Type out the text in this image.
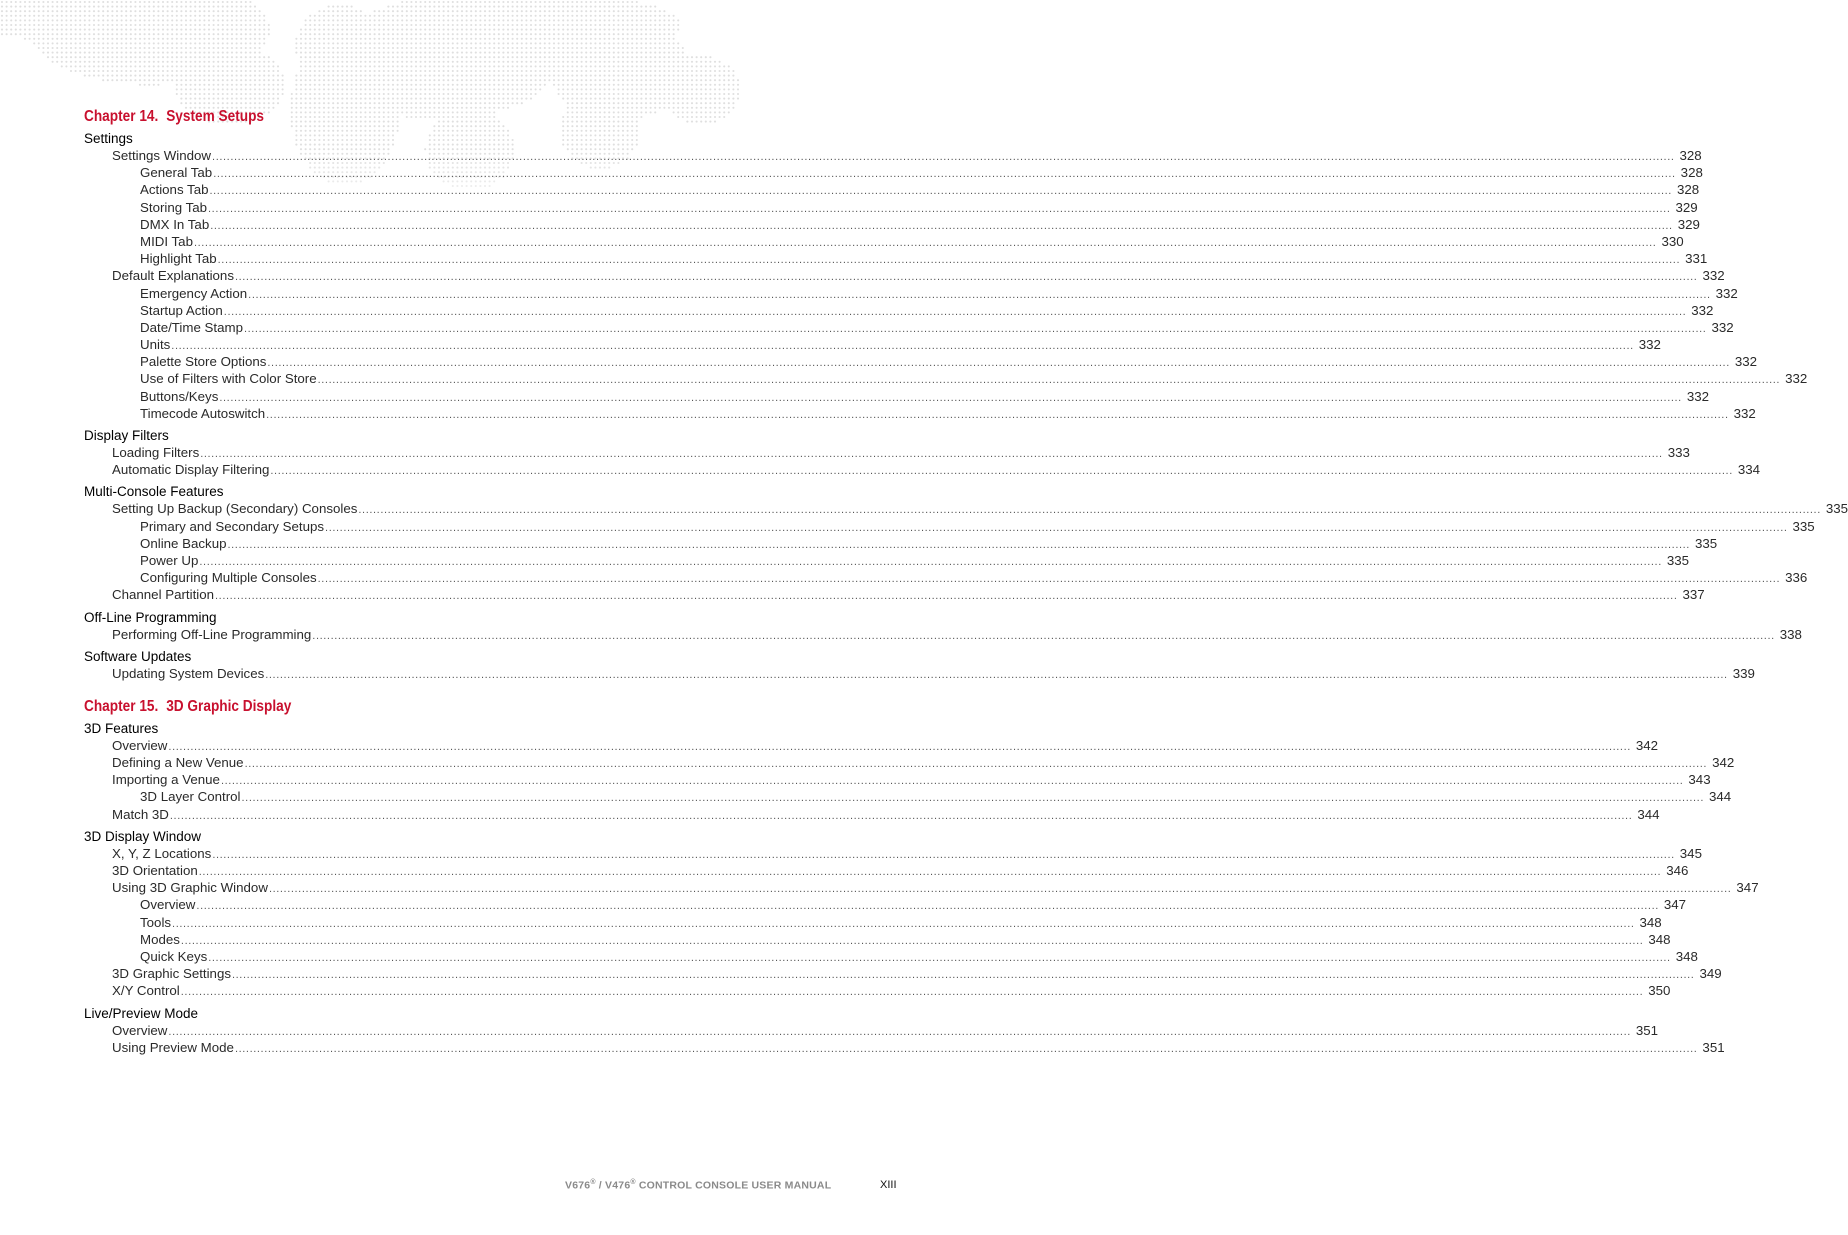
Chapter 14. System Setups
Settings
Settings Window ................................................................................................................................................................................................................................................................................................................................................................................................................ 328
General Tab ................................................................................................................................................................................................................................................................................................................................................................................................................ 328
Actions Tab ................................................................................................................................................................................................................................................................................................................................................................................................................ 328
Storing Tab ................................................................................................................................................................................................................................................................................................................................................................................................................ 329
DMX In Tab ................................................................................................................................................................................................................................................................................................................................................................................................................ 329
MIDI Tab ................................................................................................................................................................................................................................................................................................................................................................................................................ 330
Highlight Tab ................................................................................................................................................................................................................................................................................................................................................................................................................ 331
Default Explanations ................................................................................................................................................................................................................................................................................................................................................................................................................ 332
Emergency Action ................................................................................................................................................................................................................................................................................................................................................................................................................ 332
Startup Action ................................................................................................................................................................................................................................................................................................................................................................................................................ 332
Date/Time Stamp ................................................................................................................................................................................................................................................................................................................................................................................................................ 332
Units ................................................................................................................................................................................................................................................................................................................................................................................................................ 332
Palette Store Options ................................................................................................................................................................................................................................................................................................................................................................................................................ 332
Use of Filters with Color Store ................................................................................................................................................................................................................................................................................................................................................................................................................ 332
Buttons/Keys ................................................................................................................................................................................................................................................................................................................................................................................................................ 332
Timecode Autoswitch ................................................................................................................................................................................................................................................................................................................................................................................................................ 332
Display Filters
Loading Filters ................................................................................................................................................................................................................................................................................................................................................................................................................ 333
Automatic Display Filtering ................................................................................................................................................................................................................................................................................................................................................................................................................ 334
Multi-Console Features
Setting Up Backup (Secondary) Consoles ................................................................................................................................................................................................................................................................................................................................................................................................................ 335
Primary and Secondary Setups ................................................................................................................................................................................................................................................................................................................................................................................................................ 335
Online Backup ................................................................................................................................................................................................................................................................................................................................................................................................................ 335
Power Up ................................................................................................................................................................................................................................................................................................................................................................................................................ 335
Configuring Multiple Consoles ................................................................................................................................................................................................................................................................................................................................................................................................................ 336
Channel Partition ................................................................................................................................................................................................................................................................................................................................................................................................................ 337
Off-Line Programming
Performing Off-Line Programming ................................................................................................................................................................................................................................................................................................................................................................................................................ 338
Software Updates
Updating System Devices ................................................................................................................................................................................................................................................................................................................................................................................................................ 339
Chapter 15. 3D Graphic Display
3D Features
Overview ................................................................................................................................................................................................................................................................................................................................................................................................................ 342
Defining a New Venue ................................................................................................................................................................................................................................................................................................................................................................................................................ 342
Importing a Venue ................................................................................................................................................................................................................................................................................................................................................................................................................ 343
3D Layer Control ................................................................................................................................................................................................................................................................................................................................................................................................................ 344
Match 3D ................................................................................................................................................................................................................................................................................................................................................................................................................ 344
3D Display Window
X, Y, Z Locations ................................................................................................................................................................................................................................................................................................................................................................................................................ 345
3D Orientation ................................................................................................................................................................................................................................................................................................................................................................................................................ 346
Using 3D Graphic Window ................................................................................................................................................................................................................................................................................................................................................................................................................ 347
Overview ................................................................................................................................................................................................................................................................................................................................................................................................................ 347
Tools ................................................................................................................................................................................................................................................................................................................................................................................................................ 348
Modes ................................................................................................................................................................................................................................................................................................................................................................................................................ 348
Quick Keys ................................................................................................................................................................................................................................................................................................................................................................................................................ 348
3D Graphic Settings ................................................................................................................................................................................................................................................................................................................................................................................................................ 349
X/Y Control ................................................................................................................................................................................................................................................................................................................................................................................................................ 350
Live/Preview Mode
Overview ................................................................................................................................................................................................................................................................................................................................................................................................................ 351
Using Preview Mode ................................................................................................................................................................................................................................................................................................................................................................................................................ 351
V676® / V476® CONTROL CONSOLE USER MANUAL	XIII
